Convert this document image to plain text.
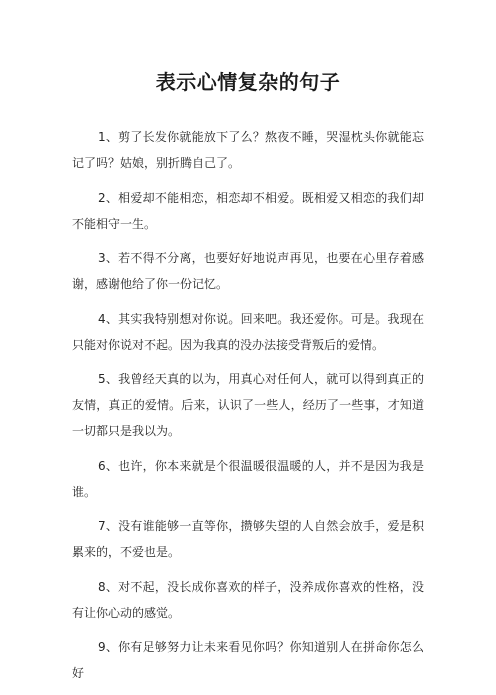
表示心情复杂的句子

1、剪了长发你就能放下了么？熬夜不睡，哭湿枕头你就能忘记了吗？姑娘，别折腾自己了。

2、相爱却不能相恋，相恋却不相爱。既相爱又相恋的我们却不能相守一生。

3、若不得不分离，也要好好地说声再见，也要在心里存着感谢，感谢他给了你一份记忆。

4、其实我特别想对你说。回来吧。我还爱你。可是。我现在只能对你说对不起。因为我真的没办法接受背叛后的爱情。

5、我曾经天真的以为，用真心对任何人，就可以得到真正的友情，真正的爱情。后来，认识了一些人，经历了一些事，才知道一切都只是我以为。

6、也许，你本来就是个很温暖很温暖的人，并不是因为我是谁。

7、没有谁能够一直等你，攒够失望的人自然会放手，爱是积累来的，不爱也是。

8、对不起，没长成你喜欢的样子，没养成你喜欢的性格，没有让你心动的感觉。

9、你有足够努力让未来看见你吗？你知道别人在拼命你怎么好
